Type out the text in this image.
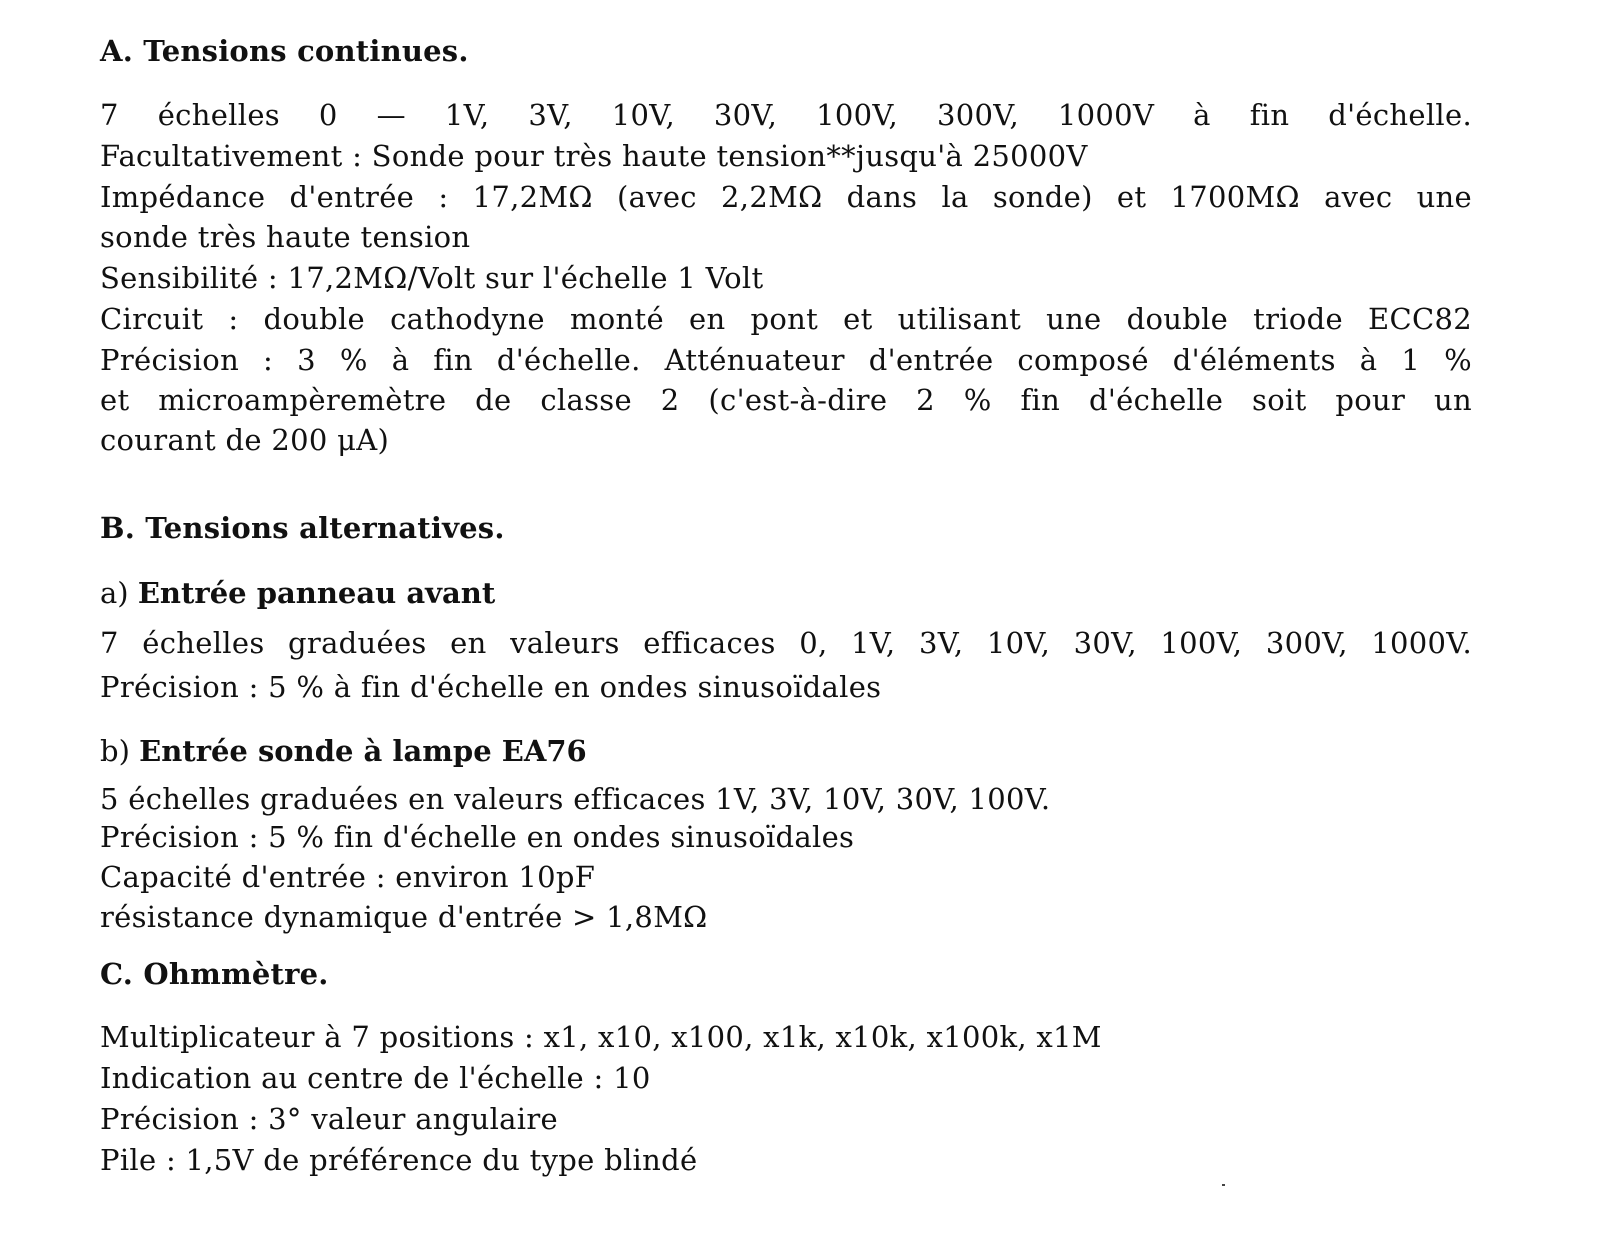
A. Tensions continues.
7 échelles 0 — 1V, 3V, 10V, 30V, 100V, 300V, 1000V à fin d'échelle.
Facultativement : Sonde pour très haute tension**jusqu'à 25000V
Impédance d'entrée : 17,2MΩ (avec 2,2MΩ dans la sonde) et 1700MΩ avec une
sonde très haute tension
Sensibilité : 17,2MΩ/Volt sur l'échelle 1 Volt
Circuit : double cathodyne monté en pont et utilisant une double triode ECC82
Précision : 3 % à fin d'échelle. Atténuateur d'entrée composé d'éléments à 1 %
et microampèremètre de classe 2 (c'est-à-dire 2 % fin d'échelle soit pour un
courant de 200 μA)
B. Tensions alternatives.
a) Entrée panneau avant
7 échelles graduées en valeurs efficaces 0, 1V, 3V, 10V, 30V, 100V, 300V, 1000V.
Précision : 5 % à fin d'échelle en ondes sinusoïdales
b) Entrée sonde à lampe EA76
5 échelles graduées en valeurs efficaces 1V, 3V, 10V, 30V, 100V.
Précision : 5 % fin d'échelle en ondes sinusoïdales
Capacité d'entrée : environ 10pF
résistance dynamique d'entrée > 1,8MΩ
C. Ohmmètre.
Multiplicateur à 7 positions : x1, x10, x100, x1k, x10k, x100k, x1M
Indication au centre de l'échelle : 10
Précision : 3° valeur angulaire
Pile : 1,5V de préférence du type blindé
